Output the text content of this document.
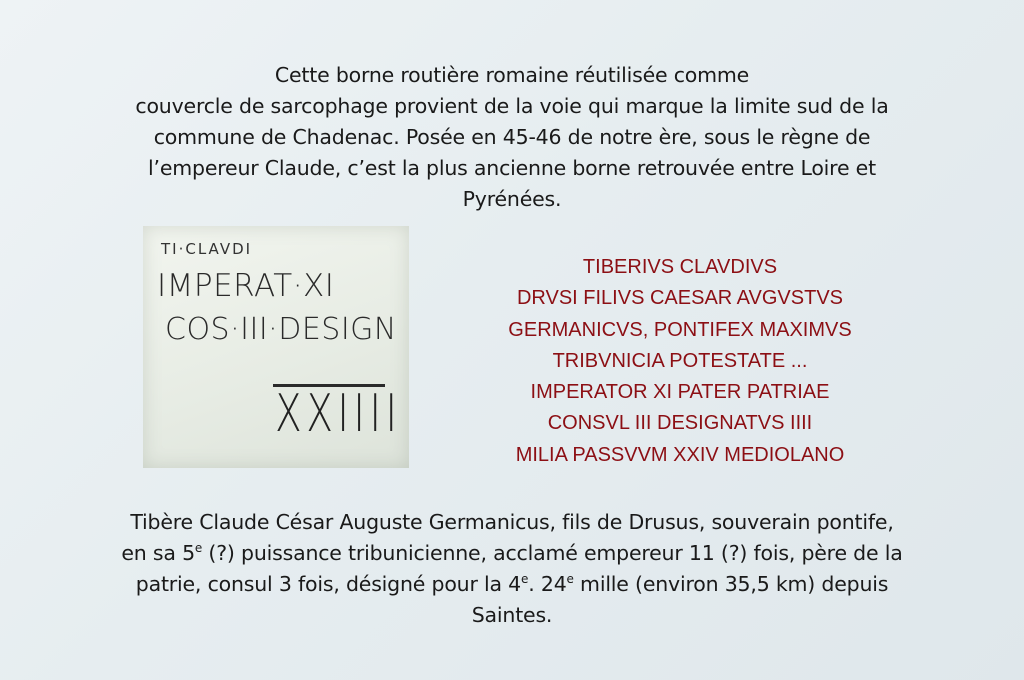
Cette borne routière romaine réutilisée comme
couvercle de sarcophage provient de la voie qui marque la limite sud de la
commune de Chadenac. Posée en 45-46 de notre ère, sous le règne de
l’empereur Claude, c’est la plus ancienne borne retrouvée entre Loire et
Pyrénées.
TI·CLAVDI
IMPERAT·XI
COS·III·DESIGN
XXIIII
TIBERIVS CLAVDIVS
DRVSI FILIVS CAESAR AVGVSTVS
GERMANICVS, PONTIFEX MAXIMVS
TRIBVNICIA POTESTATE ...
IMPERATOR XI PATER PATRIAE
CONSVL III DESIGNATVS IIII
MILIA PASSVVM XXIV MEDIOLANO
Tibère Claude César Auguste Germanicus, fils de Drusus, souverain pontife,
en sa 5e (?) puissance tribunicienne, acclamé empereur 11 (?) fois, père de la
patrie, consul 3 fois, désigné pour la 4e. 24e mille (environ 35,5 km) depuis
Saintes.
